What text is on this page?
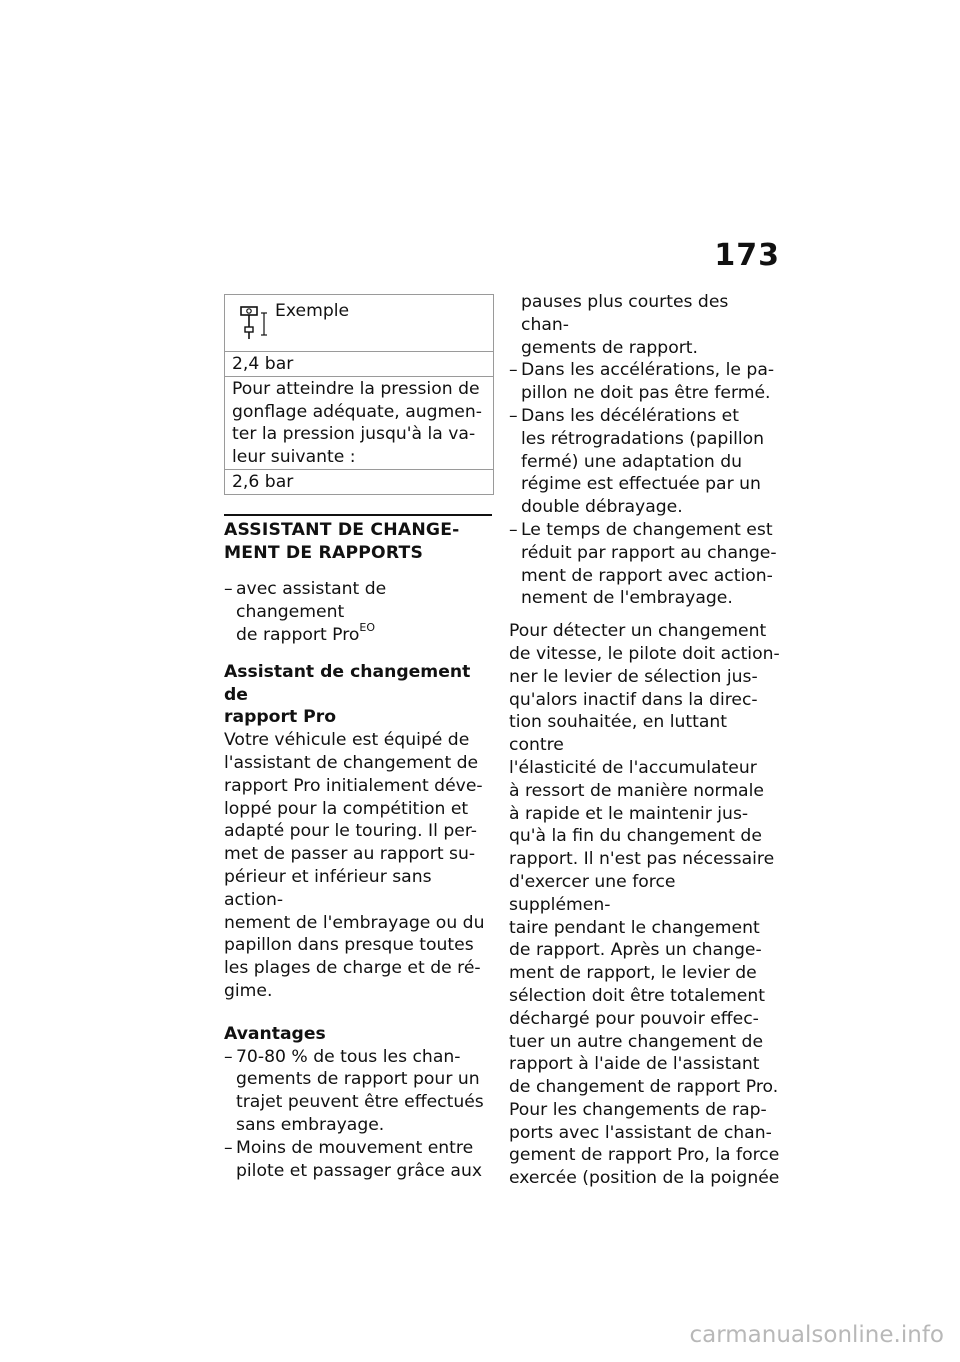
173
Exemple
2,4 bar
Pour atteindre la pression de
gonflage adéquate, augmen-
ter la pression jusqu'à la va-
leur suivante :
2,6 bar
ASSISTANT DE CHANGE-
MENT DE RAPPORTS
– avec assistant de changement
de rapport Pro$^{EO}$
Assistant de changement de
rapport Pro
Votre véhicule est équipé de
l'assistant de changement de
rapport Pro initialement déve-
loppé pour la compétition et
adapté pour le touring. Il per-
met de passer au rapport su-
périeur et inférieur sans action-
nement de l'embrayage ou du
papillon dans presque toutes
les plages de charge et de ré-
gime.
Avantages
– 70-80 % de tous les chan-
gements de rapport pour un
trajet peuvent être effectués
sans embrayage.
– Moins de mouvement entre
pilote et passager grâce aux
pauses plus courtes des chan-
gements de rapport.
– Dans les accélérations, le pa-
pillon ne doit pas être fermé.
– Dans les décélérations et
les rétrogradations (papillon
fermé) une adaptation du
régime est effectuée par un
double débrayage.
– Le temps de changement est
réduit par rapport au change-
ment de rapport avec action-
nement de l'embrayage.
Pour détecter un changement
de vitesse, le pilote doit action-
ner le levier de sélection jus-
qu'alors inactif dans la direc-
tion souhaitée, en luttant contre
l'élasticité de l'accumulateur
à ressort de manière normale
à rapide et le maintenir jus-
qu'à la fin du changement de
rapport. Il n'est pas nécessaire
d'exercer une force supplémen-
taire pendant le changement
de rapport. Après un change-
ment de rapport, le levier de
sélection doit être totalement
déchargé pour pouvoir effec-
tuer un autre changement de
rapport à l'aide de l'assistant
de changement de rapport Pro.
Pour les changements de rap-
ports avec l'assistant de chan-
gement de rapport Pro, la force
exercée (position de la poignée
carmanualsonline.info
